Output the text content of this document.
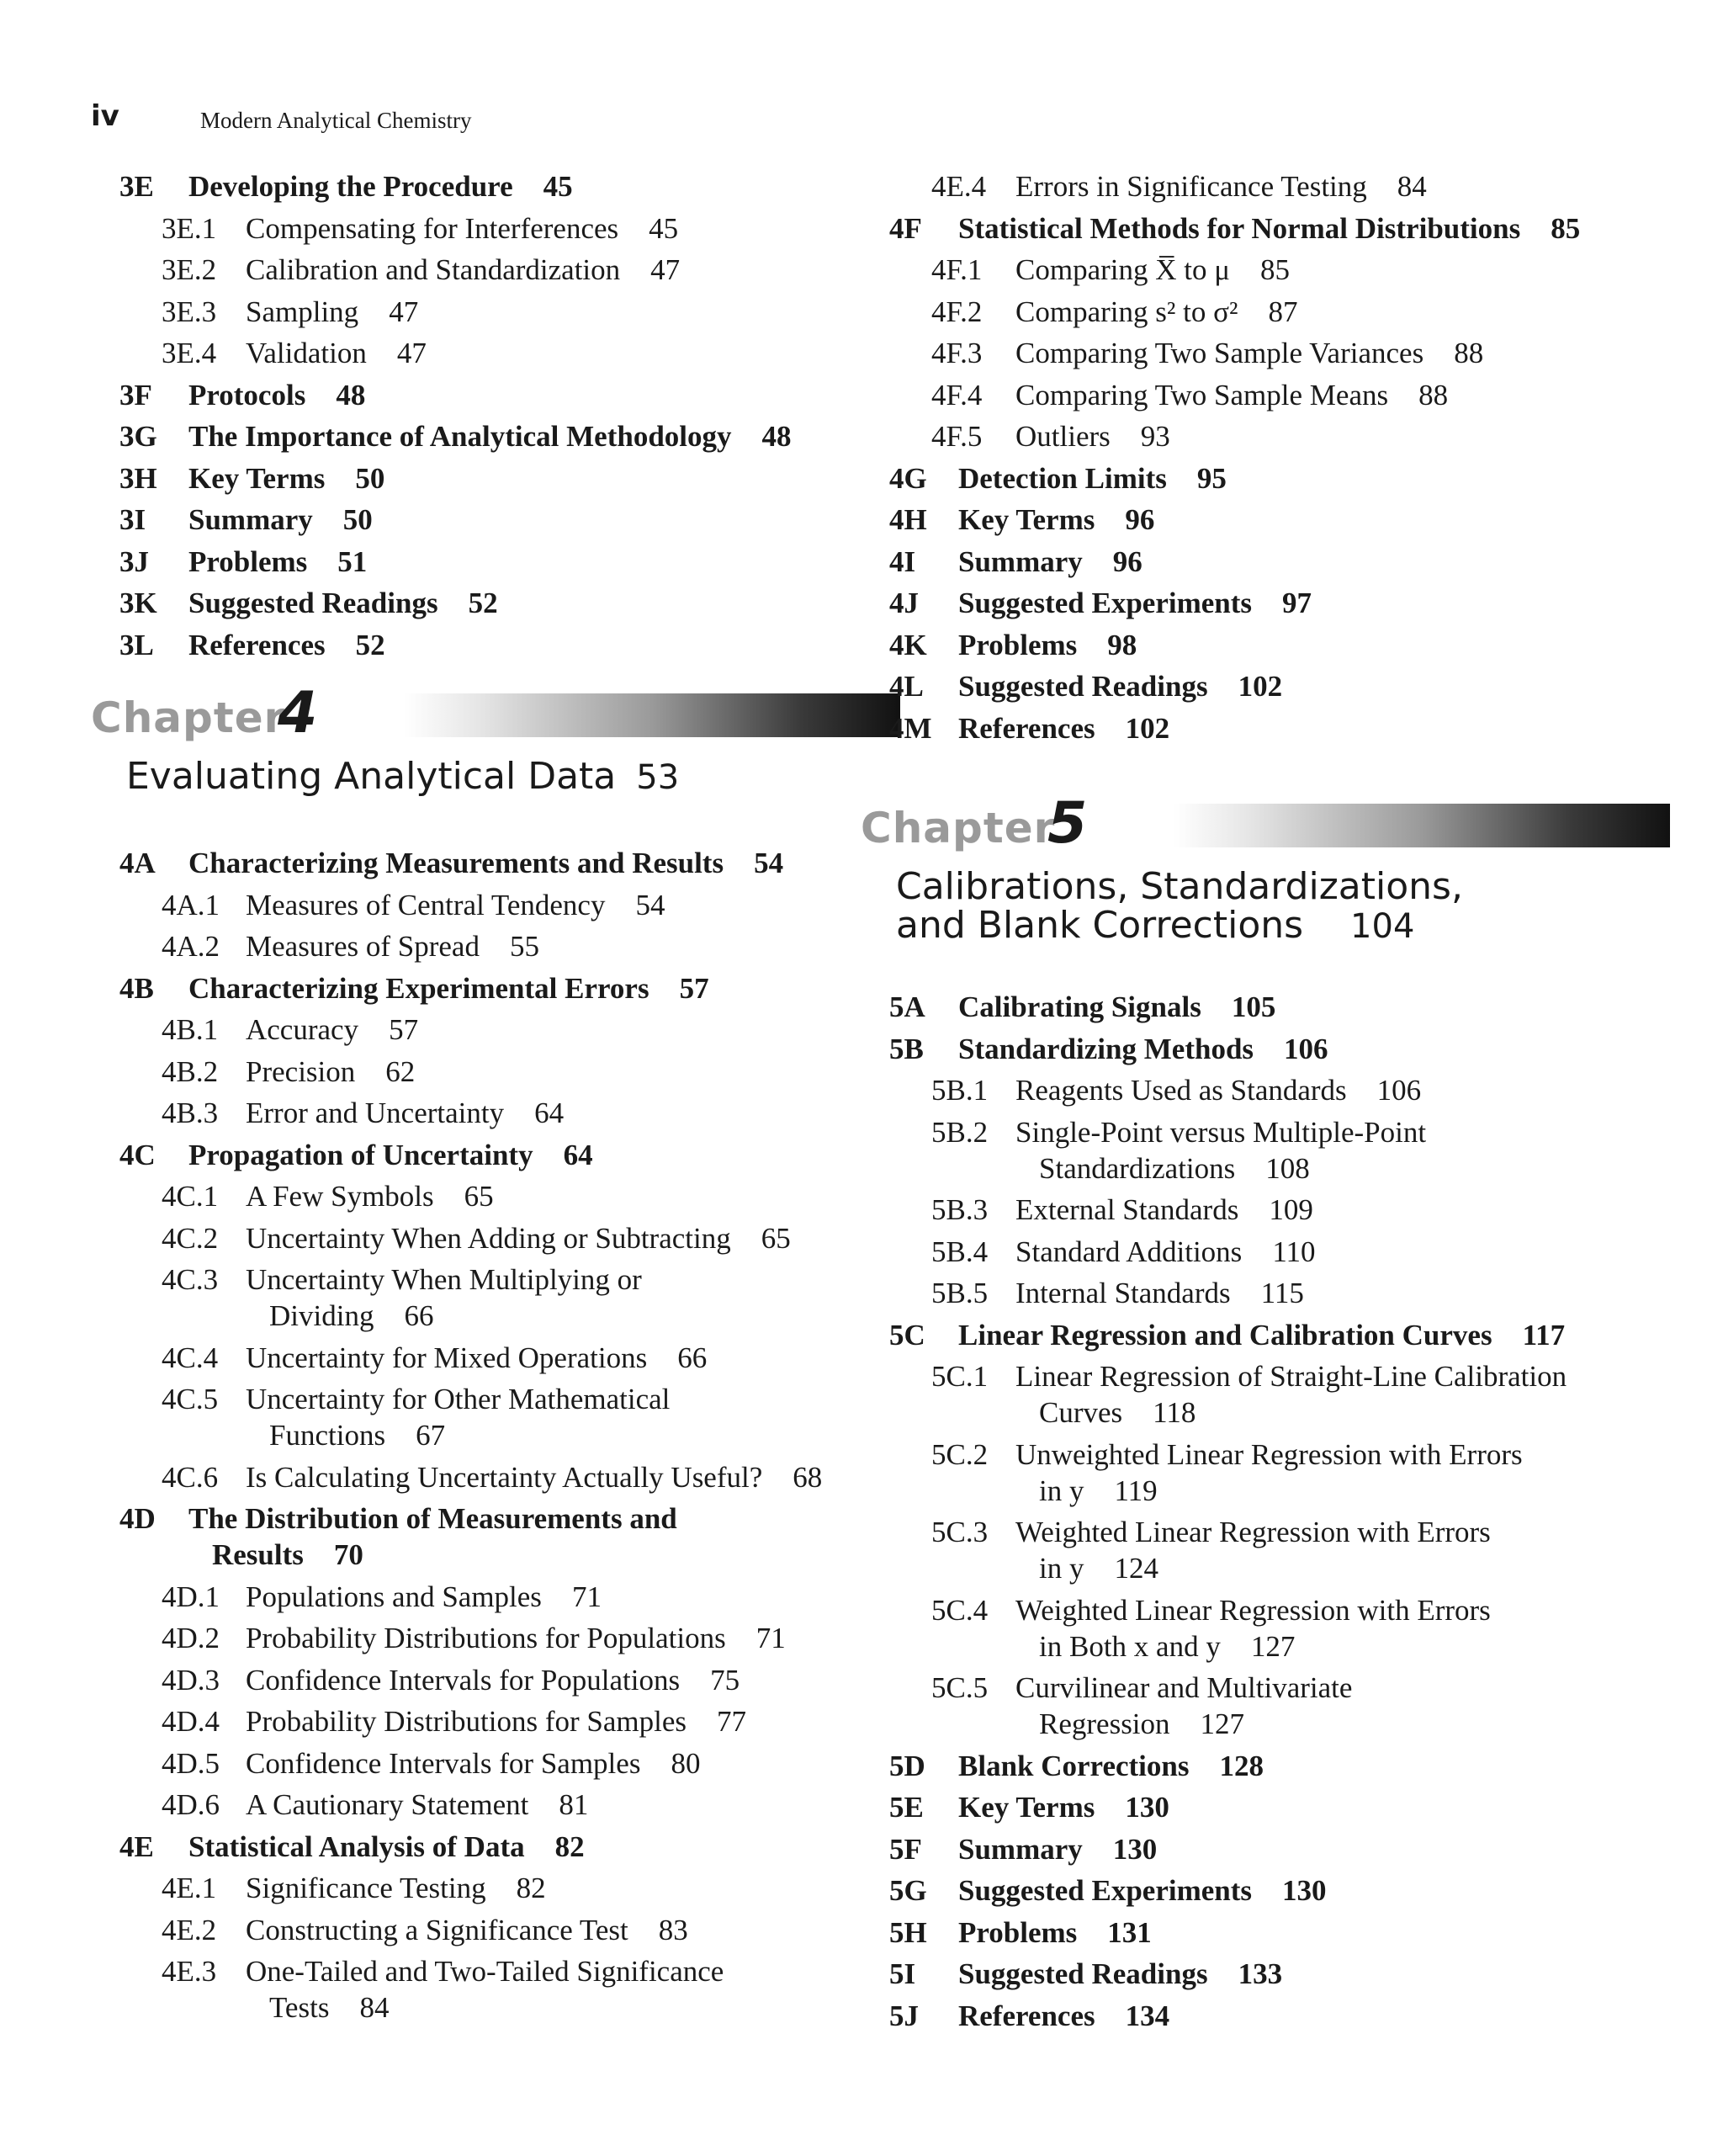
iv	Modern Analytical Chemistry
3E Developing the Procedure 45
3E.1 Compensating for Interferences 45
3E.2 Calibration and Standardization 47
3E.3 Sampling 47
3E.4 Validation 47
3F Protocols 48
3G The Importance of Analytical Methodology 48
3H Key Terms 50
3I Summary 50
3J Problems 51
3K Suggested Readings 52
3L References 52
Chapter
4
Evaluating Analytical Data 53
4A Characterizing Measurements and Results 54
4A.1 Measures of Central Tendency 54
4A.2 Measures of Spread 55
4B Characterizing Experimental Errors 57
4B.1 Accuracy 57
4B.2 Precision 62
4B.3 Error and Uncertainty 64
4C Propagation of Uncertainty 64
4C.1 A Few Symbols 65
4C.2 Uncertainty When Adding or Subtracting 65
4C.3 Uncertainty When Multiplying or
Dividing 66
4C.4 Uncertainty for Mixed Operations 66
4C.5 Uncertainty for Other Mathematical
Functions 67
4C.6 Is Calculating Uncertainty Actually Useful? 68
4D The Distribution of Measurements and
Results 70
4D.1 Populations and Samples 71
4D.2 Probability Distributions for Populations 71
4D.3 Confidence Intervals for Populations 75
4D.4 Probability Distributions for Samples 77
4D.5 Confidence Intervals for Samples 80
4D.6 A Cautionary Statement 81
4E Statistical Analysis of Data 82
4E.1 Significance Testing 82
4E.2 Constructing a Significance Test 83
4E.3 One-Tailed and Two-Tailed Significance
Tests 84
4E.4 Errors in Significance Testing 84
4F Statistical Methods for Normal Distributions 85
4F.1 Comparing X̅ to μ 85
4F.2 Comparing s² to σ² 87
4F.3 Comparing Two Sample Variances 88
4F.4 Comparing Two Sample Means 88
4F.5 Outliers 93
4G Detection Limits 95
4H Key Terms 96
4I Summary 96
4J Suggested Experiments 97
4K Problems 98
4L Suggested Readings 102
4M References 102
Chapter
5
Calibrations, Standardizations,
and Blank Corrections 104
5A Calibrating Signals 105
5B Standardizing Methods 106
5B.1 Reagents Used as Standards 106
5B.2 Single-Point versus Multiple-Point
Standardizations 108
5B.3 External Standards 109
5B.4 Standard Additions 110
5B.5 Internal Standards 115
5C Linear Regression and Calibration Curves 117
5C.1 Linear Regression of Straight-Line Calibration
Curves 118
5C.2 Unweighted Linear Regression with Errors
in y 119
5C.3 Weighted Linear Regression with Errors
in y 124
5C.4 Weighted Linear Regression with Errors
in Both x and y 127
5C.5 Curvilinear and Multivariate
Regression 127
5D Blank Corrections 128
5E Key Terms 130
5F Summary 130
5G Suggested Experiments 130
5H Problems 131
5I Suggested Readings 133
5J References 134
